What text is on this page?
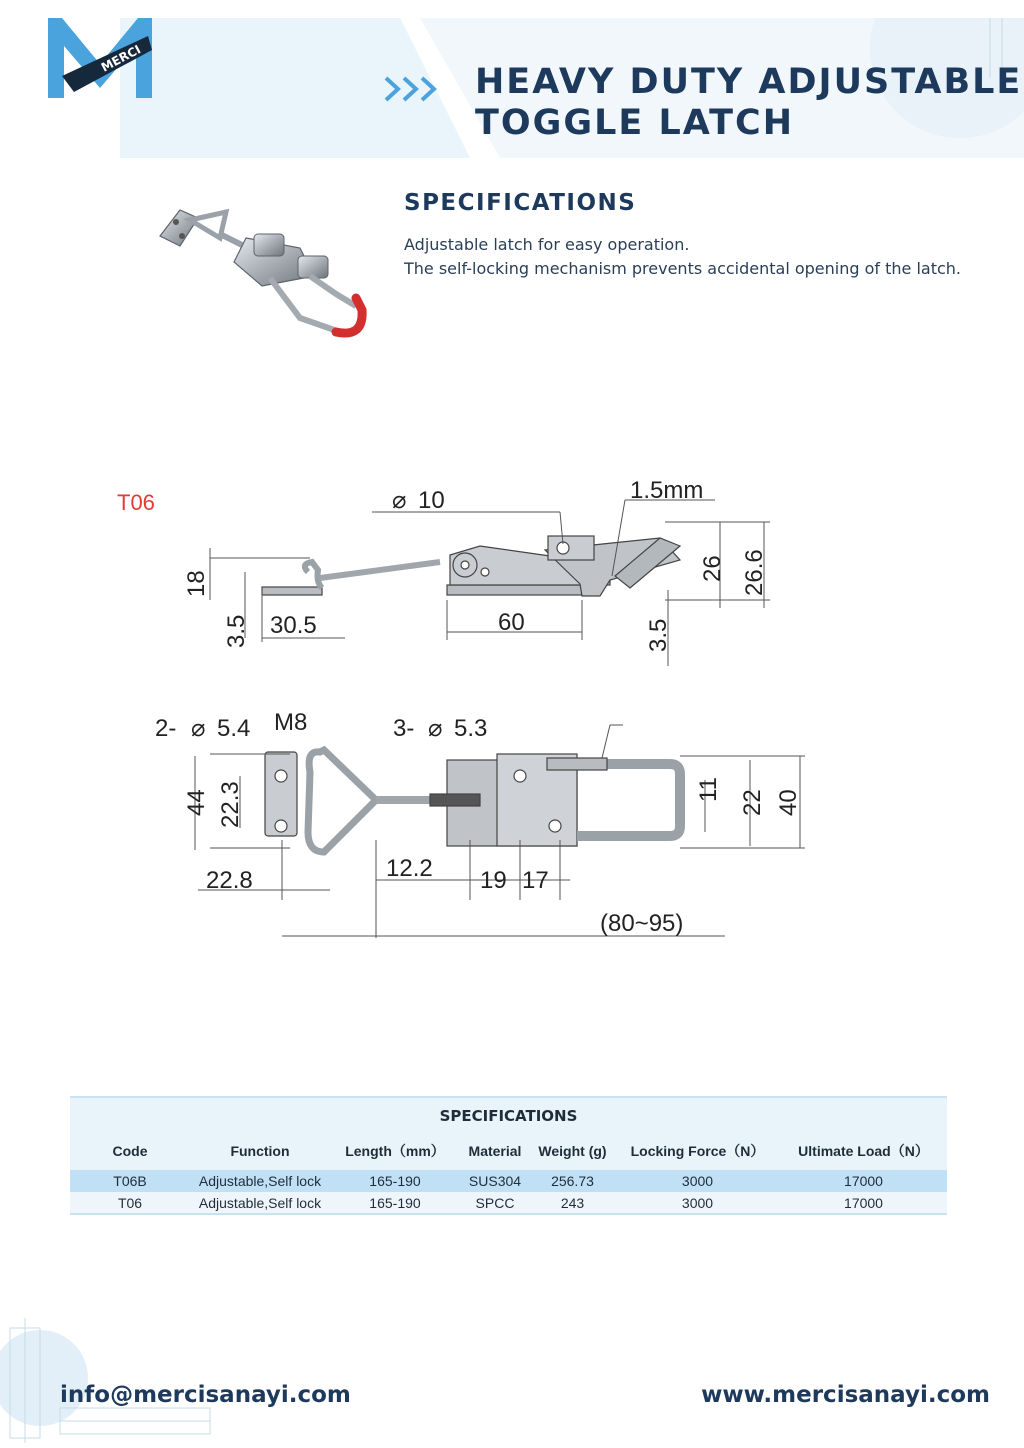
MERCI
HEAVY DUTY ADJUSTABLE
TOGGLE LATCH
SPECIFICATIONS
Adjustable latch for easy operation.
The self-locking mechanism prevents accidental opening of the latch.
T06	⌀ 10	1.5mm
18
3.5 30.5	60	3.5
26 26.6
2- ⌀ 5.4 M8	3- ⌀ 5.3
44 22.3
22.8	12.2 19 17
(80~95)
11 22 40
SPECIFICATIONS
Code	Function	Length（mm）	Material	Weight (g)	Locking Force（N）	Ultimate Load（N）
T06B	Adjustable,Self lock	165-190	SUS304	256.73	3000	17000
T06	Adjustable,Self lock	165-190	SPCC	243	3000	17000
info@mercisanayi.com	www.mercisanayi.com
